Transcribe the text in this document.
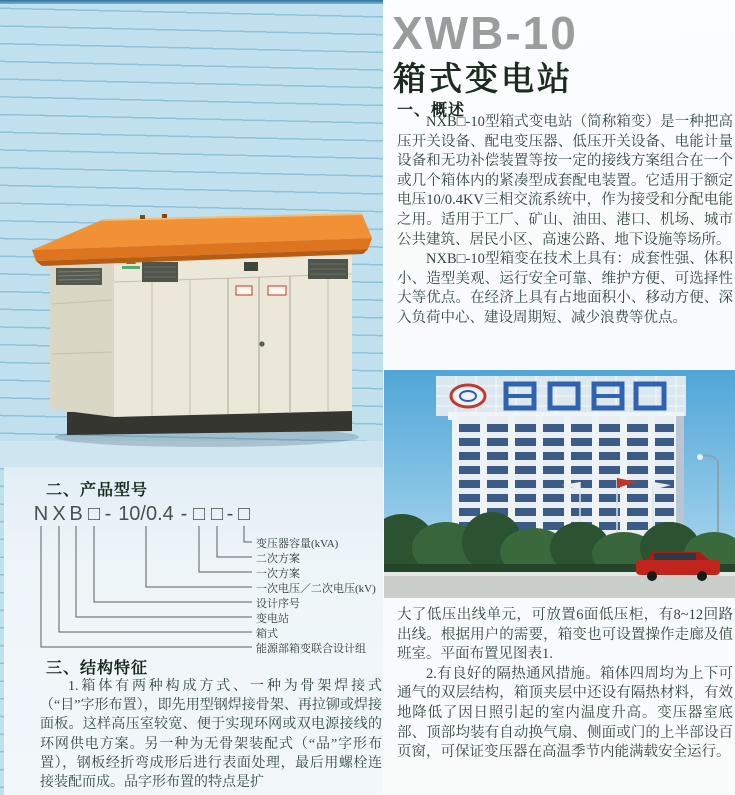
二、产品型号
N X B □ - 10/0.4 - □ □ - □
变压器容量(kVA)
二次方案
一次方案
一次电压／二次电压(kV)
设计序号
变电站
箱式
能源部箱变联合设计组
三、结构特征

1.箱体有两种构成方式、一种为骨架焊接式（“目”字形布置），即先用型钢焊接骨架、再拉铆或焊接面板。这样高压室较宽、便于实现环网或双电源接线的环网供电方案。另一种为无骨架装配式（“品”字形布置），钢板经折弯成形后进行表面处理，最后用螺栓连接装配而成。品字形布置的特点是扩

XWB-10
箱式变电站
一、概述

NXB□-10型箱式变电站（简称箱变）是一种把高压开关设备、配电变压器、低压开关设备、电能计量设备和无功补偿装置等按一定的接线方案组合在一个或几个箱体内的紧凑型成套配电装置。它适用于额定电压10/0.4KV三相交流系统中，作为接受和分配电能之用。适用于工厂、矿山、油田、港口、机场、城市公共建筑、居民小区、高速公路、地下设施等场所。

NXB□-10型箱变在技术上具有：成套性强、体积小、造型美观、运行安全可靠、维护方便、可选择性大等优点。在经济上具有占地面积小、移动方便、深入负荷中心、建设周期短、减少浪费等优点。

大了低压出线单元，可放置6面低压柜，有8~12回路出线。根据用户的需要，箱变也可设置操作走廊及值班室。平面布置见图表1.

2.有良好的隔热通风措施。箱体四周均为上下可通气的双层结构，箱顶夹层中还设有隔热材料，有效地降低了因日照引起的室内温度升高。变压器室底部、顶部均装有自动换气扇、侧面或门的上半部设百页窗，可保证变压器在高温季节内能满载安全运行。
